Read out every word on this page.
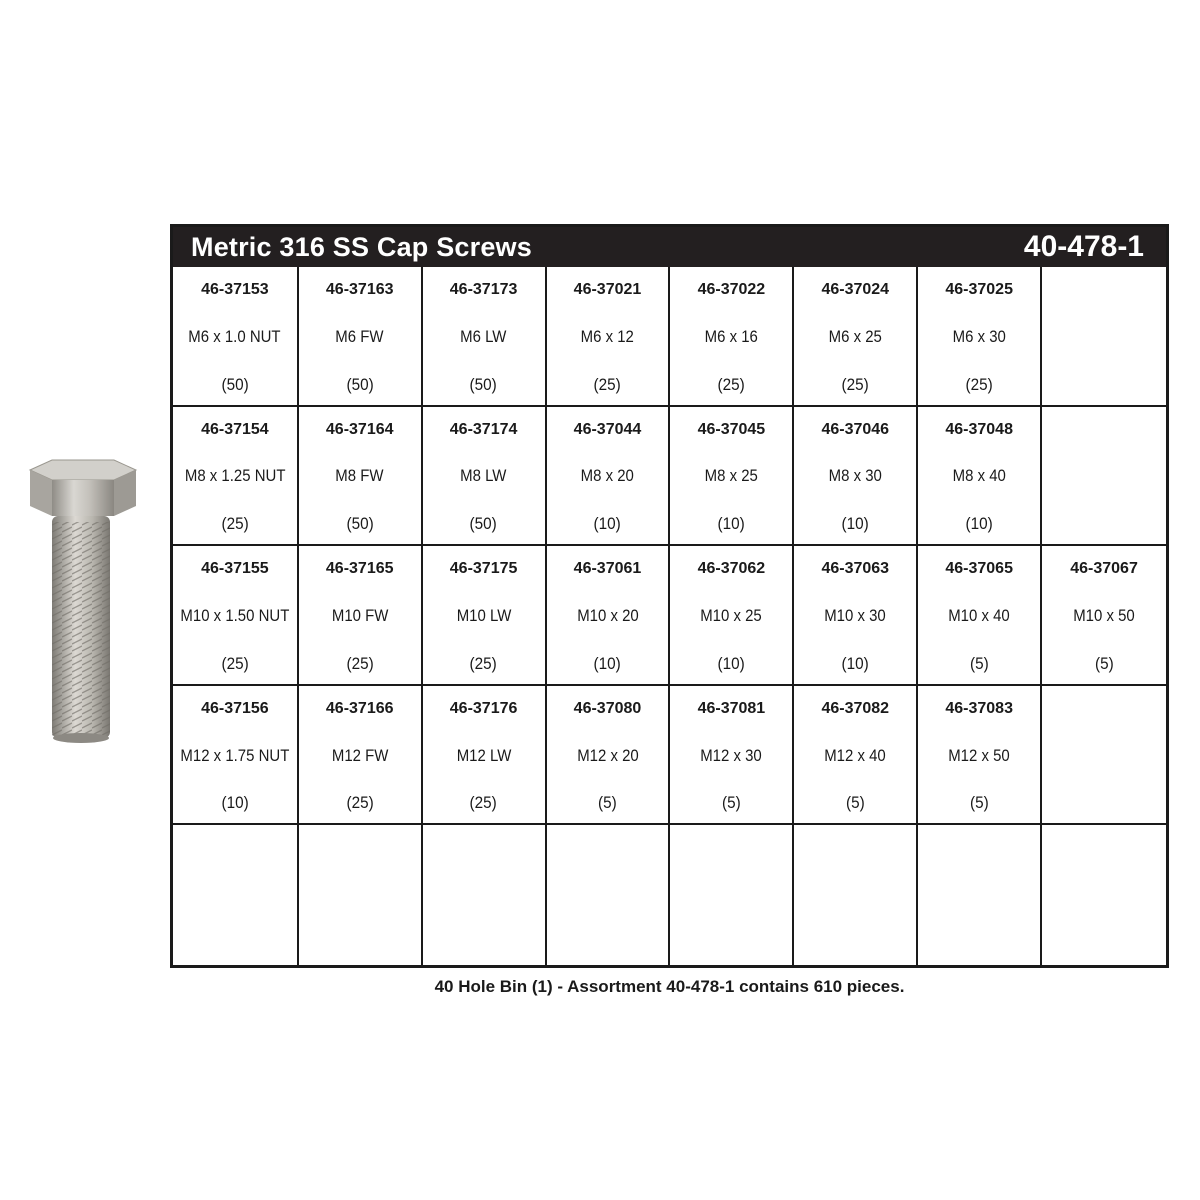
Metric 316 SS Cap Screws	40-478-1
46-37153
M6 x 1.0 NUT
(50)
46-37163
M6 FW
(50)
46-37173
M6 LW
(50)
46-37021
M6 x 12
(25)
46-37022
M6 x 16
(25)
46-37024
M6 x 25
(25)
46-37025
M6 x 30
(25)
46-37154
M8 x 1.25 NUT
(25)
46-37164
M8 FW
(50)
46-37174
M8 LW
(50)
46-37044
M8 x 20
(10)
46-37045
M8 x 25
(10)
46-37046
M8 x 30
(10)
46-37048
M8 x 40
(10)
46-37155
M10 x 1.50 NUT
(25)
46-37165
M10 FW
(25)
46-37175
M10 LW
(25)
46-37061
M10 x 20
(10)
46-37062
M10 x 25
(10)
46-37063
M10 x 30
(10)
46-37065
M10 x 40
(5)
46-37067
M10 x 50
(5)
46-37156
M12 x 1.75 NUT
(10)
46-37166
M12 FW
(25)
46-37176
M12 LW
(25)
46-37080
M12 x 20
(5)
46-37081
M12 x 30
(5)
46-37082
M12 x 40
(5)
46-37083
M12 x 50
(5)
40 Hole Bin (1) - Assortment 40-478-1 contains 610 pieces.
